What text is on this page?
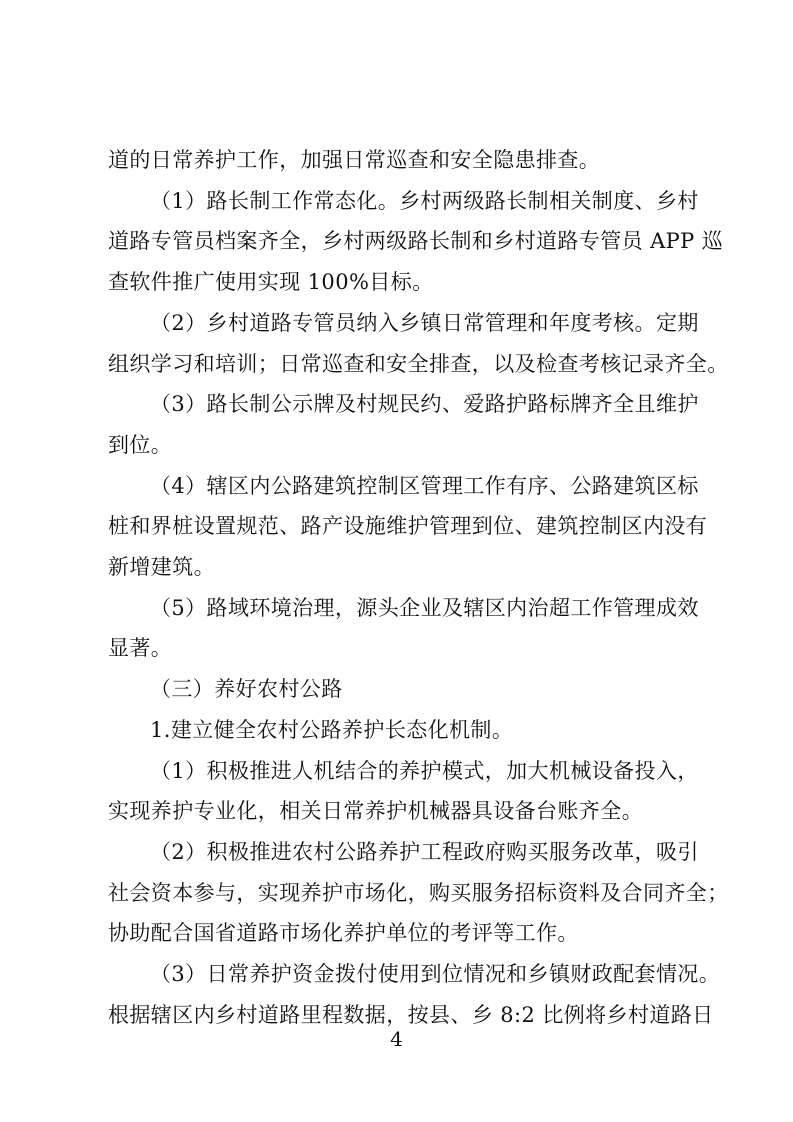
道的日常养护工作，加强日常巡查和安全隐患排查。
（1）路长制工作常态化。乡村两级路长制相关制度、乡村
道路专管员档案齐全，乡村两级路长制和乡村道路专管员 APP 巡
查软件推广使用实现 100%目标。
（2）乡村道路专管员纳入乡镇日常管理和年度考核。定期
组织学习和培训；日常巡查和安全排查，以及检查考核记录齐全。
（3）路长制公示牌及村规民约、爱路护路标牌齐全且维护
到位。
（4）辖区内公路建筑控制区管理工作有序、公路建筑区标
桩和界桩设置规范、路产设施维护管理到位、建筑控制区内没有
新增建筑。
（5）路域环境治理，源头企业及辖区内治超工作管理成效
显著。
（三）养好农村公路
1.建立健全农村公路养护长态化机制。
（1）积极推进人机结合的养护模式，加大机械设备投入，
实现养护专业化，相关日常养护机械器具设备台账齐全。
（2）积极推进农村公路养护工程政府购买服务改革，吸引
社会资本参与，实现养护市场化，购买服务招标资料及合同齐全；
协助配合国省道路市场化养护单位的考评等工作。
（3）日常养护资金拨付使用到位情况和乡镇财政配套情况。
根据辖区内乡村道路里程数据，按县、乡 8:2 比例将乡村道路日
4
